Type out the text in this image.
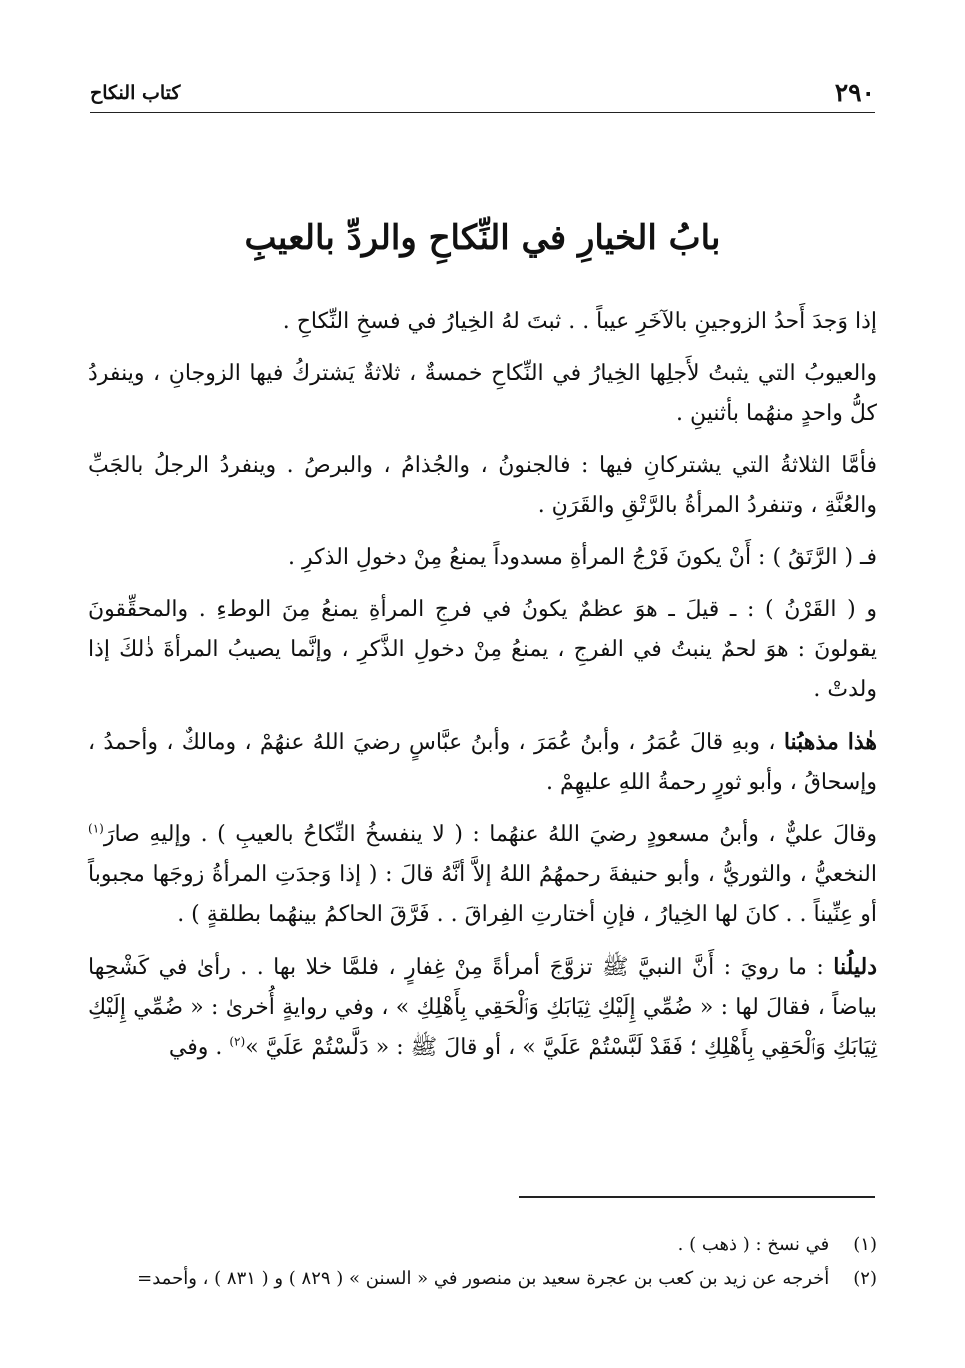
٢٩٠
كتاب النكاح
بابُ الخيارِ في النِّكاحِ والردِّ بالعيبِ

إذا وَجدَ أَحدُ الزوجينِ بالآخَرِ عيباً . . ثبتَ لهُ الخِيارُ في فسخِ النِّكاحِ .

والعيوبُ التي يثبتُ لأَجلِها الخِيارُ في النِّكاحِ خمسةٌ ، ثلاثةٌ يَشتركُ فيها الزوجانِ ، وينفردُ كلُّ واحدٍ منهُما بأثنينِ .

فأمَّا الثلاثةُ التي يشتركانِ فيها : فالجنونُ ، والجُذامُ ، والبرصُ . وينفردُ الرجلُ بالجَبِّ والعُنَّةِ ، وتنفردُ المرأةُ بالرَّتْقِ والقَرَنِ .

فـ ( الرَّتَقُ ) : أَنْ يكونَ فَرْجُ المرأةِ مسدوداً يمنعُ مِنْ دخولِ الذكرِ .

و ( القَرْنُ ) : ـ قيلَ ـ هوَ عظمٌ يكونُ في فرجِ المرأةِ يمنعُ مِنَ الوطءِ . والمحقِّقونَ يقولونَ : هوَ لحمٌ ينبتُ في الفرجِ ، يمنعُ مِنْ دخولِ الذَّكرِ ، وإنَّما يصيبُ المرأةَ ذٰلكَ إذا ولدتْ .

هٰذا مذهبُنا ، وبهِ قالَ عُمَرُ ، وأبنُ عُمَرَ ، وأبنُ عبَّاسٍ رضيَ اللهُ عنهُمْ ، ومالكٌ ، وأحمدُ ، وإسحاقُ ، وأبو ثورٍ رحمةُ اللهِ عليهِمْ .

وقالَ عليٌّ ، وأبنُ مسعودٍ رضيَ اللهُ عنهُما : ( لا ينفسخُ النِّكاحُ بالعيبِ ) . وإليهِ صارَ$^{(١)}$ النخعيُّ ، والثوريُّ ، وأبو حنيفةَ رحمهُمُ اللهُ إلاَّ أنَّهُ قالَ : ( إذا وَجدَتِ المرأةُ زوجَها مجبوباً أو عِنِّيناً . . كانَ لها الخِيارُ ، فإنِ أختارتِ الفِراقَ . . فَرَّقَ الحاكمُ بينهُما بطلقةٍ ) .

دليلُنا : ما رويَ : أَنَّ النبيَّ ﷺ تزوَّجَ أمرأةً مِنْ غِفارٍ ، فلمَّا خلا بها . . رأىٰ في كَشْحِها بياضاً ، فقالَ لها : « ضُمِّي إِلَيْكِ ثِيَابَكِ وَٱلْحَقِي بِأَهْلِكِ » ، وفي روايةٍ أُخرىٰ : « ضُمِّي إِلَيْكِ ثِيَابَكِ وَٱلْحَقِي بِأَهْلِكِ ؛ فَقَدْ لَبَّسْتُمْ عَلَيَّ » ، أو قالَ ﷺ : « دَلَّسْتُمْ عَلَيَّ »$^{(٢)}$ . وفي

(١) في نسخ : ( ذهب ) .
(٢) أخرجه عن زيد بن كعب بن عجرة سعيد بن منصور في « السنن » ( ٨٢٩ ) و ( ٨٣١ ) ، وأحمد=
